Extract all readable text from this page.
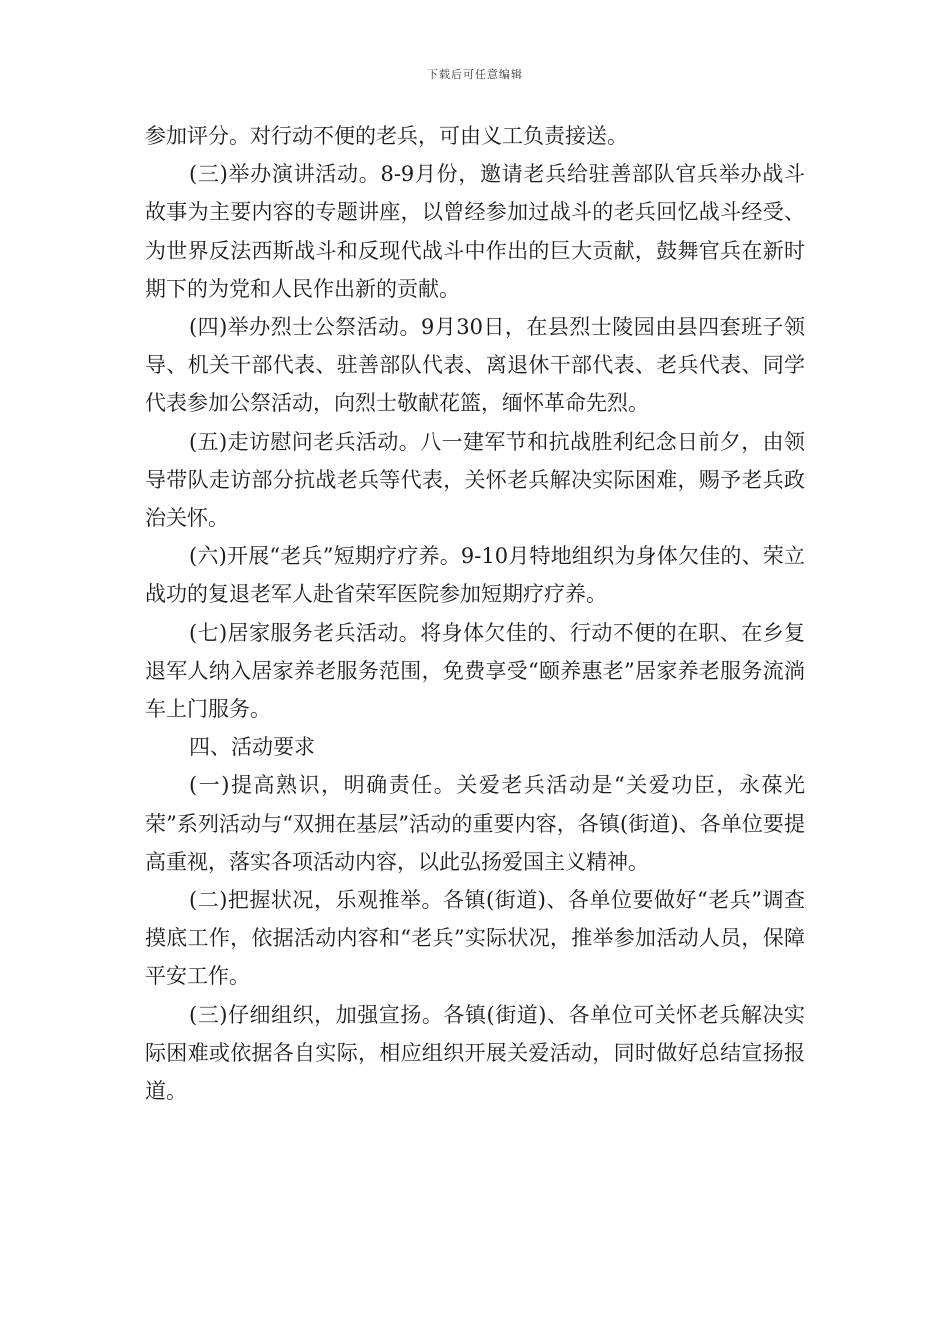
下载后可任意编辑

参加评分。对行动不便的老兵，可由义工负责接送。

(三)举办演讲活动。8-9月份，邀请老兵给驻善部队官兵举办战斗故事为主要内容的专题讲座，以曾经参加过战斗的老兵回忆战斗经受、为世界反法西斯战斗和反现代战斗中作出的巨大贡献，鼓舞官兵在新时期下的为党和人民作出新的贡献。

(四)举办烈士公祭活动。9月30日，在县烈士陵园由县四套班子领导、机关干部代表、驻善部队代表、离退休干部代表、老兵代表、同学代表参加公祭活动，向烈士敬献花篮，缅怀革命先烈。

(五)走访慰问老兵活动。八一建军节和抗战胜利纪念日前夕，由领导带队走访部分抗战老兵等代表，关怀老兵解决实际困难，赐予老兵政治关怀。

(六)开展“老兵”短期疗疗养。9-10月特地组织为身体欠佳的、荣立战功的复退老军人赴省荣军医院参加短期疗疗养。

(七)居家服务老兵活动。将身体欠佳的、行动不便的在职、在乡复退军人纳入居家养老服务范围，免费享受“颐养惠老”居家养老服务流淌车上门服务。

四、活动要求

(一)提高熟识，明确责任。关爱老兵活动是“关爱功臣，永葆光荣”系列活动与“双拥在基层”活动的重要内容，各镇(街道)、各单位要提高重视，落实各项活动内容，以此弘扬爱国主义精神。

(二)把握状况，乐观推举。各镇(街道)、各单位要做好“老兵”调查摸底工作，依据活动内容和“老兵”实际状况，推举参加活动人员，保障平安工作。

(三)仔细组织，加强宣扬。各镇(街道)、各单位可关怀老兵解决实际困难或依据各自实际，相应组织开展关爱活动，同时做好总结宣扬报道。
